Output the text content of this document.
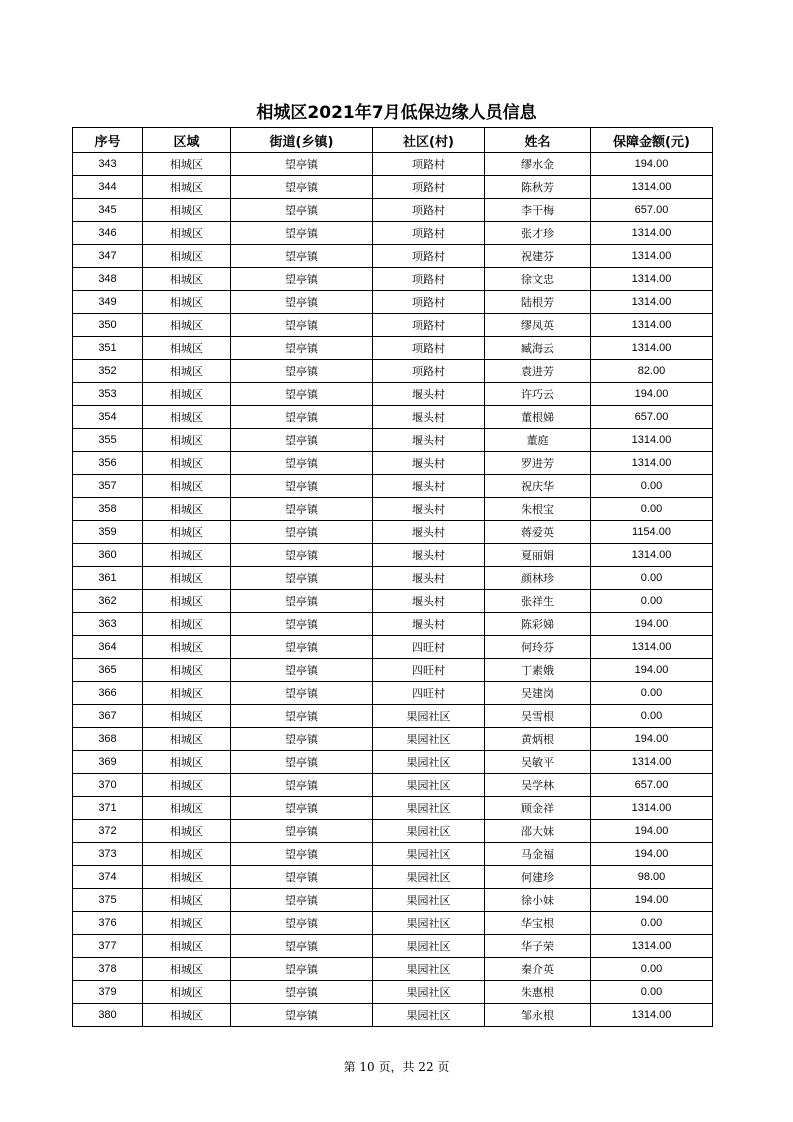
相城区2021年7月低保边缘人员信息
序号	区域	街道(乡镇)	社区(村)	姓名	保障金额(元)
343	相城区	望亭镇	项路村	缪水金	194.00
344	相城区	望亭镇	项路村	陈秋芳	1314.00
345	相城区	望亭镇	项路村	李干梅	657.00
346	相城区	望亭镇	项路村	张才珍	1314.00
347	相城区	望亭镇	项路村	祝建芬	1314.00
348	相城区	望亭镇	项路村	徐文忠	1314.00
349	相城区	望亭镇	项路村	陆根芳	1314.00
350	相城区	望亭镇	项路村	缪凤英	1314.00
351	相城区	望亭镇	项路村	臧海云	1314.00
352	相城区	望亭镇	项路村	袁进芳	82.00
353	相城区	望亭镇	堰头村	许巧云	194.00
354	相城区	望亭镇	堰头村	董根娣	657.00
355	相城区	望亭镇	堰头村	董庭	1314.00
356	相城区	望亭镇	堰头村	罗进芳	1314.00
357	相城区	望亭镇	堰头村	祝庆华	0.00
358	相城区	望亭镇	堰头村	朱根宝	0.00
359	相城区	望亭镇	堰头村	蒋爱英	1154.00
360	相城区	望亭镇	堰头村	夏丽娟	1314.00
361	相城区	望亭镇	堰头村	颜林珍	0.00
362	相城区	望亭镇	堰头村	张祥生	0.00
363	相城区	望亭镇	堰头村	陈彩娣	194.00
364	相城区	望亭镇	四旺村	何玲芬	1314.00
365	相城区	望亭镇	四旺村	丁素娥	194.00
366	相城区	望亭镇	四旺村	吴建岗	0.00
367	相城区	望亭镇	果园社区	吴雪根	0.00
368	相城区	望亭镇	果园社区	黄炳根	194.00
369	相城区	望亭镇	果园社区	吴敏平	1314.00
370	相城区	望亭镇	果园社区	吴学林	657.00
371	相城区	望亭镇	果园社区	顾金祥	1314.00
372	相城区	望亭镇	果园社区	邵大妹	194.00
373	相城区	望亭镇	果园社区	马金福	194.00
374	相城区	望亭镇	果园社区	何建珍	98.00
375	相城区	望亭镇	果园社区	徐小妹	194.00
376	相城区	望亭镇	果园社区	华宝根	0.00
377	相城区	望亭镇	果园社区	华子荣	1314.00
378	相城区	望亭镇	果园社区	秦介英	0.00
379	相城区	望亭镇	果园社区	朱惠根	0.00
380	相城区	望亭镇	果园社区	邹永根	1314.00
第 10 页，共 22 页
